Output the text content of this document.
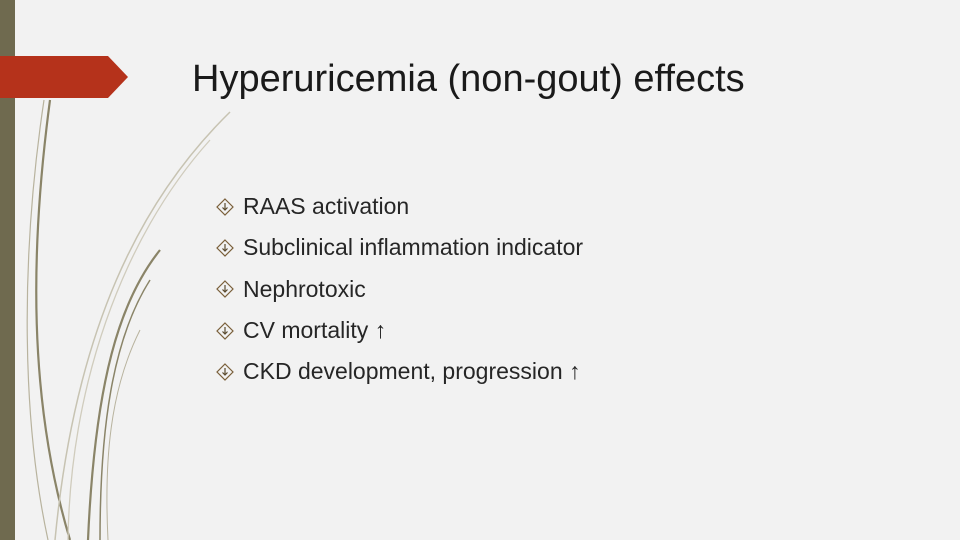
Hyperuricemia (non-gout) effects
RAAS activation
Subclinical inflammation indicator
Nephrotoxic
CV mortality ↑
CKD development, progression ↑
